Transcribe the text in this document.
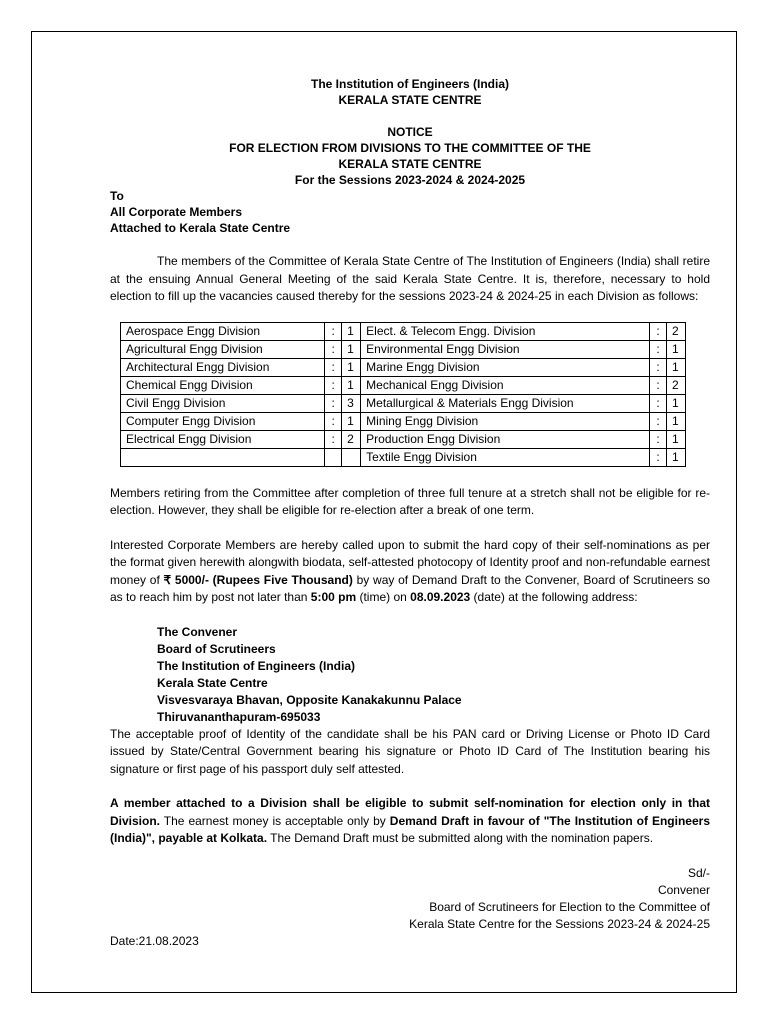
The Institution of Engineers (India)
KERALA STATE CENTRE
NOTICE
FOR ELECTION FROM DIVISIONS TO THE COMMITTEE OF THE
KERALA STATE CENTRE
For the Sessions 2023-2024 & 2024-2025
To
All Corporate Members
Attached to Kerala State Centre

The members of the Committee of Kerala State Centre of The Institution of Engineers (India) shall retire at the ensuing Annual General Meeting of the said Kerala State Centre. It is, therefore, necessary to hold election to fill up the vacancies caused thereby for the sessions 2023-24 & 2024-25 in each Division as follows:

Aerospace Engg Division	:	1	Elect. & Telecom Engg. Division	:	2
Agricultural Engg Division	:	1	Environmental Engg Division	:	1
Architectural Engg Division	:	1	Marine Engg Division	:	1
Chemical Engg Division	:	1	Mechanical Engg Division	:	2
Civil Engg Division	:	3	Metallurgical & Materials Engg Division	:	1
Computer Engg Division	:	1	Mining Engg Division	:	1
Electrical Engg Division	:	2	Production Engg Division	:	1
			Textile Engg Division	:	1

Members retiring from the Committee after completion of three full tenure at a stretch shall not be eligible for re-election. However, they shall be eligible for re-election after a break of one term.

Interested Corporate Members are hereby called upon to submit the hard copy of their self-nominations as per the format given herewith alongwith biodata, self-attested photocopy of Identity proof and non-refundable earnest money of ₹ 5000/- (Rupees Five Thousand) by way of Demand Draft to the Convener, Board of Scrutineers so as to reach him by post not later than 5:00 pm (time) on 08.09.2023 (date) at the following address:

The Convener
Board of Scrutineers
The Institution of Engineers (India)
Kerala State Centre
Visvesvaraya Bhavan, Opposite Kanakakunnu Palace
Thiruvananthapuram-695033

The acceptable proof of Identity of the candidate shall be his PAN card or Driving License or Photo ID Card issued by State/Central Government bearing his signature or Photo ID Card of The Institution bearing his signature or first page of his passport duly self attested.

A member attached to a Division shall be eligible to submit self-nomination for election only in that Division. The earnest money is acceptable only by Demand Draft in favour of "The Institution of Engineers (India)", payable at Kolkata. The Demand Draft must be submitted along with the nomination papers.

Sd/-
Convener
Board of Scrutineers for Election to the Committee of
Kerala State Centre for the Sessions 2023-24 & 2024-25
Date:21.08.2023
